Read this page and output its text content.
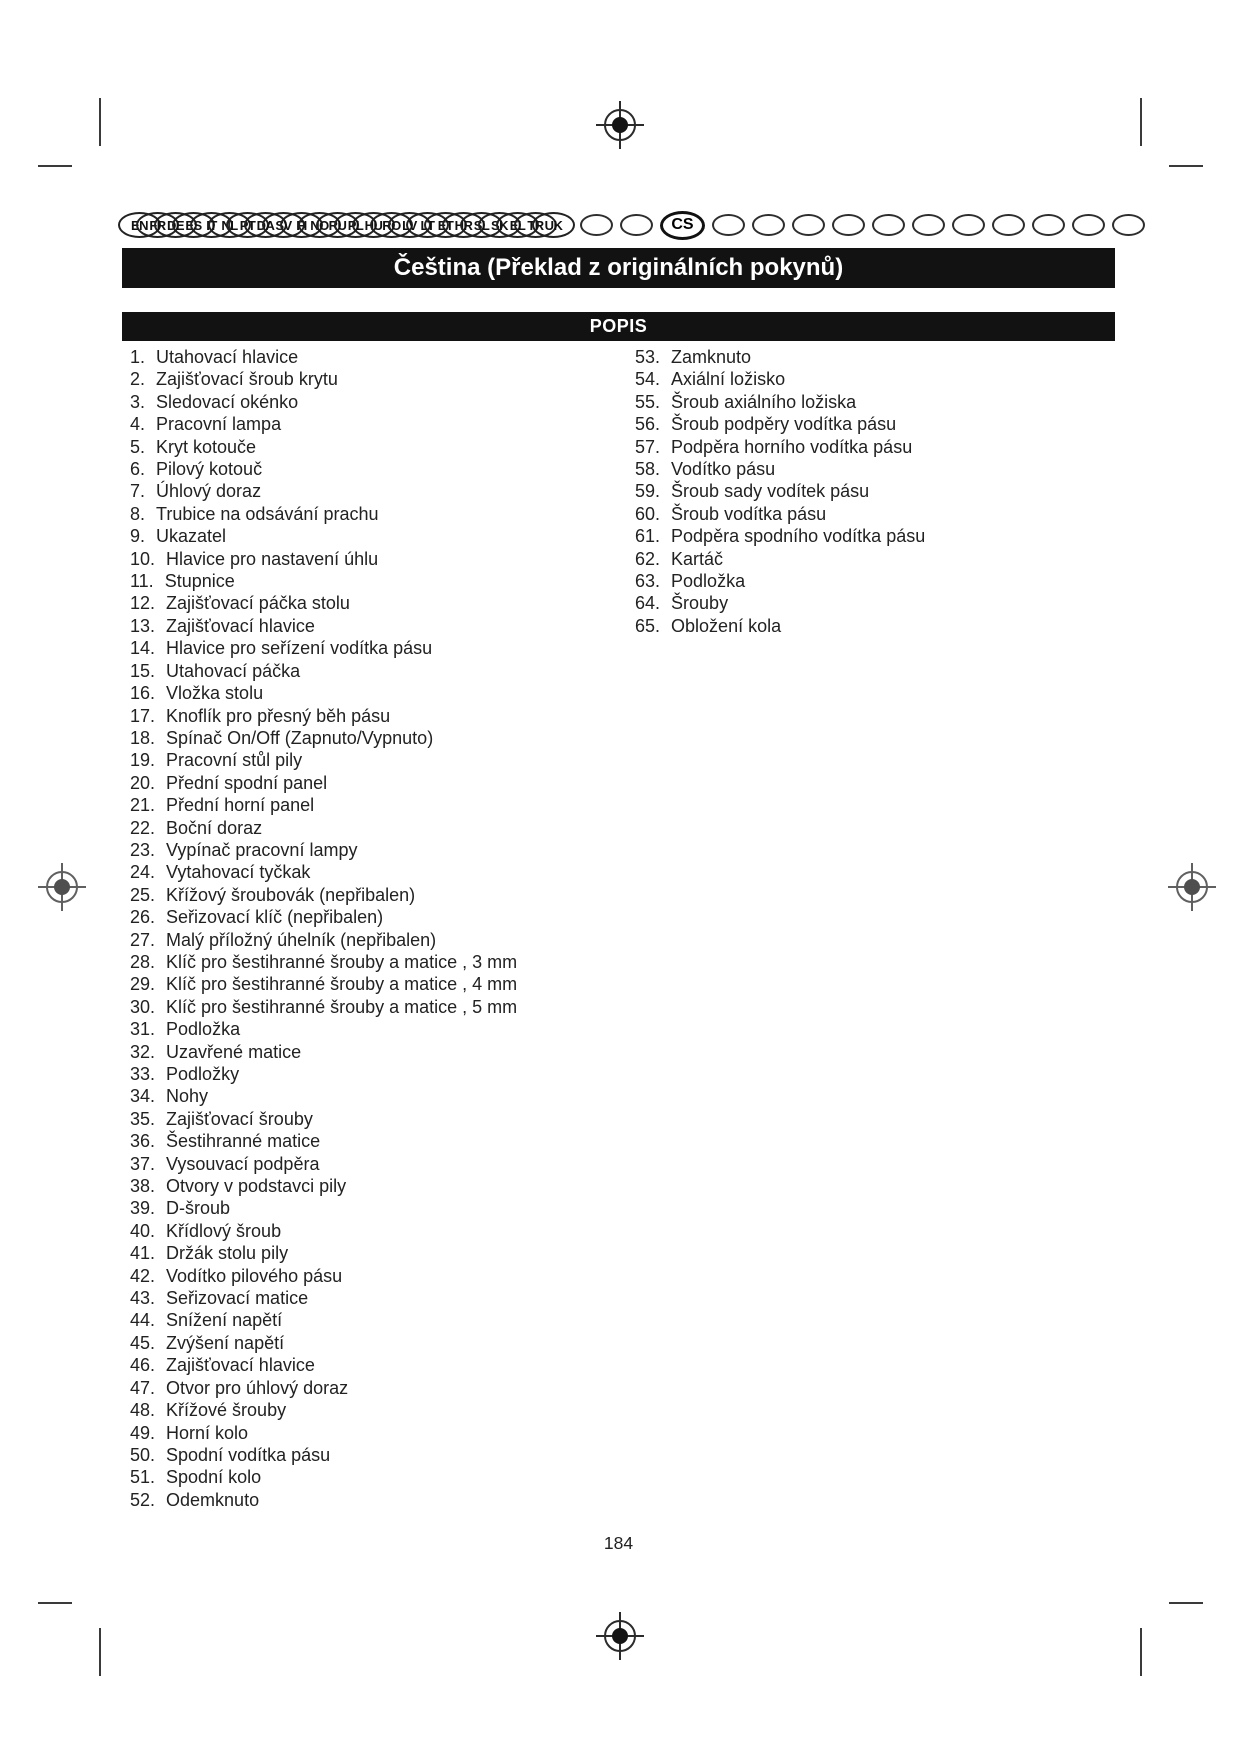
EN FR DE ES IT NL PT DA SV FI NO RU PL HU RO LV LT ET HR SL SK EL TR UK	CS
Čeština (Překlad z originálních pokynů)
POPIS
1. Utahovací hlavice
2. Zajišťovací šroub krytu
3. Sledovací okénko
4. Pracovní lampa
5. Kryt kotouče
6. Pilový kotouč
7. Úhlový doraz
8. Trubice na odsávání prachu
9. Ukazatel
10. Hlavice pro nastavení úhlu
11. Stupnice
12. Zajišťovací páčka stolu
13. Zajišťovací hlavice
14. Hlavice pro seřízení vodítka pásu
15. Utahovací páčka
16. Vložka stolu
17. Knoflík pro přesný běh pásu
18. Spínač On/Off (Zapnuto/Vypnuto)
19. Pracovní stůl pily
20. Přední spodní panel
21. Přední horní panel
22. Boční doraz
23. Vypínač pracovní lampy
24. Vytahovací tyčkak
25. Křížový šroubovák (nepřibalen)
26. Seřizovací klíč (nepřibalen)
27. Malý příložný úhelník (nepřibalen)
28. Klíč pro šestihranné šrouby a matice , 3 mm
29. Klíč pro šestihranné šrouby a matice , 4 mm
30. Klíč pro šestihranné šrouby a matice , 5 mm
31. Podložka
32. Uzavřené matice
33. Podložky
34. Nohy
35. Zajišťovací šrouby
36. Šestihranné matice
37. Vysouvací podpěra
38. Otvory v podstavci pily
39. D-šroub
40. Křídlový šroub
41. Držák stolu pily
42. Vodítko pilového pásu
43. Seřizovací matice
44. Snížení napětí
45. Zvýšení napětí
46. Zajišťovací hlavice
47. Otvor pro úhlový doraz
48. Křížové šrouby
49. Horní kolo
50. Spodní vodítka pásu
51. Spodní kolo
52. Odemknuto
53. Zamknuto
54. Axiální ložisko
55. Šroub axiálního ložiska
56. Šroub podpěry vodítka pásu
57. Podpěra horního vodítka pásu
58. Vodítko pásu
59. Šroub sady vodítek pásu
60. Šroub vodítka pásu
61. Podpěra spodního vodítka pásu
62. Kartáč
63. Podložka
64. Šrouby
65. Obložení kola
184
